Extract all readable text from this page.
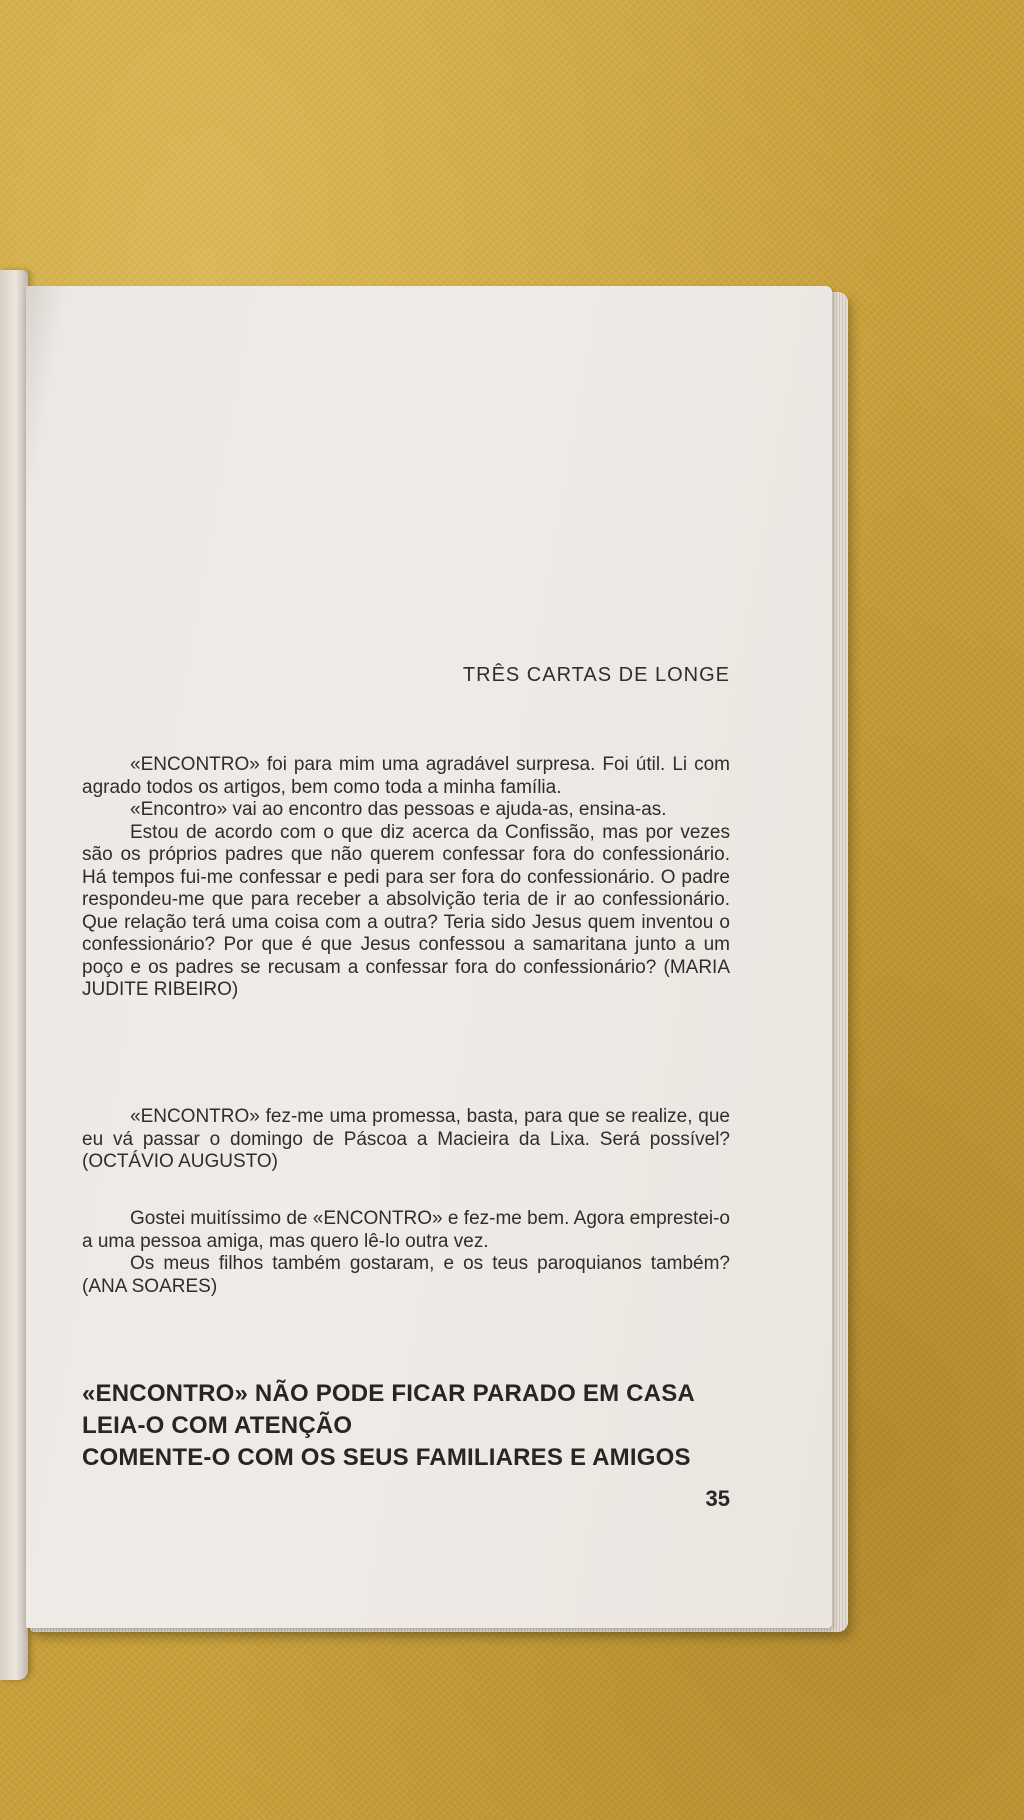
TRÊS CARTAS DE LONGE

«ENCONTRO» foi para mim uma agradável surpresa. Foi útil. Li com agrado todos os artigos, bem como toda a minha família.

«Encontro» vai ao encontro das pessoas e ajuda-as, ensina-as.

Estou de acordo com o que diz acerca da Confissão, mas por vezes são os próprios padres que não querem confessar fora do confessionário. Há tempos fui-me confessar e pedi para ser fora do confessionário. O padre respondeu-me que para receber a absolvição teria de ir ao confessionário. Que relação terá uma coisa com a outra? Teria sido Jesus quem inventou o confessionário? Por que é que Jesus confessou a samaritana junto a um poço e os padres se recusam a confessar fora do confessionário? (MARIA JUDITE RIBEIRO)

«ENCONTRO» fez-me uma promessa, basta, para que se realize, que eu vá passar o domingo de Páscoa a Macieira da Lixa. Será possível? (OCTÁVIO AUGUSTO)

Gostei muitíssimo de «ENCONTRO» e fez-me bem. Agora emprestei-o a uma pessoa amiga, mas quero lê-lo outra vez.

Os meus filhos também gostaram, e os teus paroquianos também? (ANA SOARES)

«ENCONTRO» NÃO PODE FICAR PARADO EM CASA
LEIA-O COM ATENÇÃO
COMENTE-O COM OS SEUS FAMILIARES E AMIGOS
35
